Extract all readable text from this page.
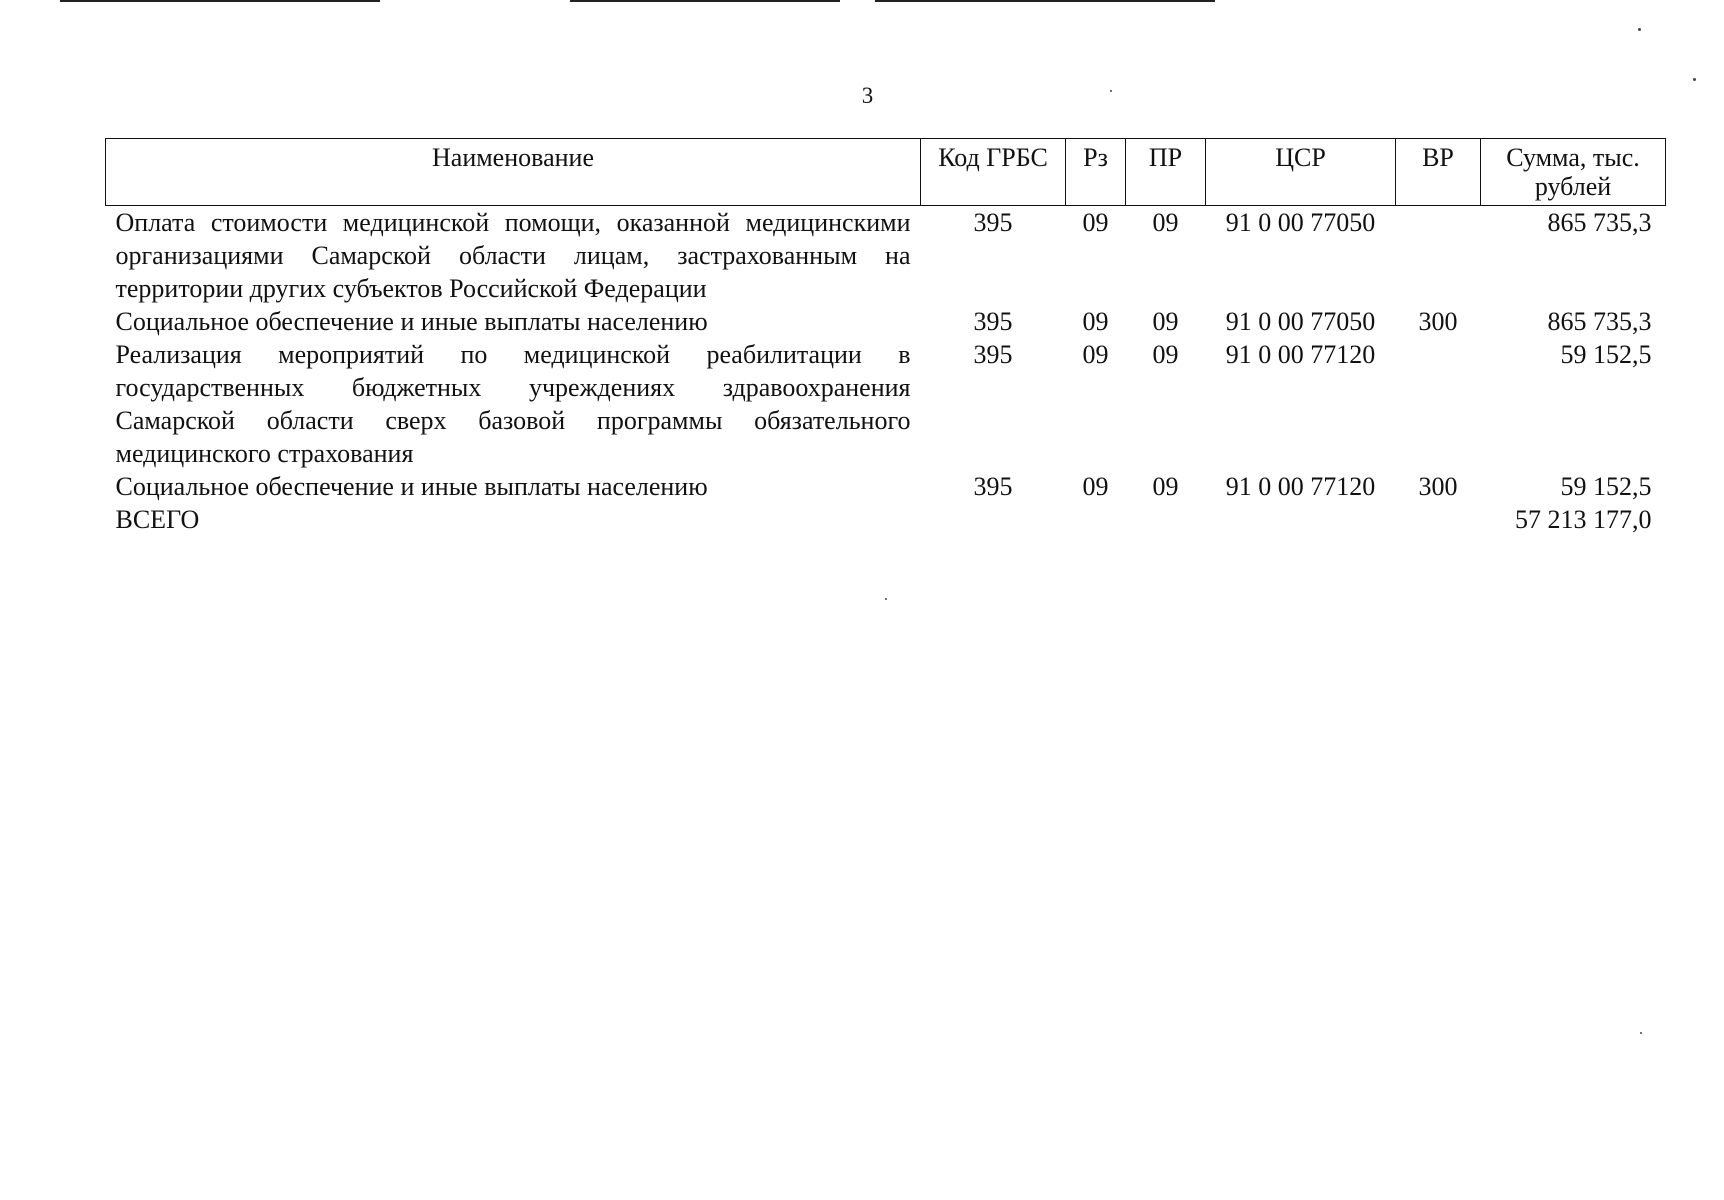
3
Наименование	Код ГРБС	Рз	ПР	ЦСР	ВР	Сумма, тыс. рублей
Оплата стоимости медицинской помощи, оказанной медицинскими организациями Самарской области лицам, застрахованным на территории других субъектов Российской Федерации	395	09	09	91 0 00 77050		865 735,3
Социальное обеспечение и иные выплаты населению	395	09	09	91 0 00 77050	300	865 735,3
Реализация мероприятий по медицинской реабилитации в государственных бюджетных учреждениях здравоохранения Самарской области сверх базовой программы обязательного медицинского страхования	395	09	09	91 0 00 77120		59 152,5
Социальное обеспечение и иные выплаты населению	395	09	09	91 0 00 77120	300	59 152,5
ВСЕГО						57 213 177,0
